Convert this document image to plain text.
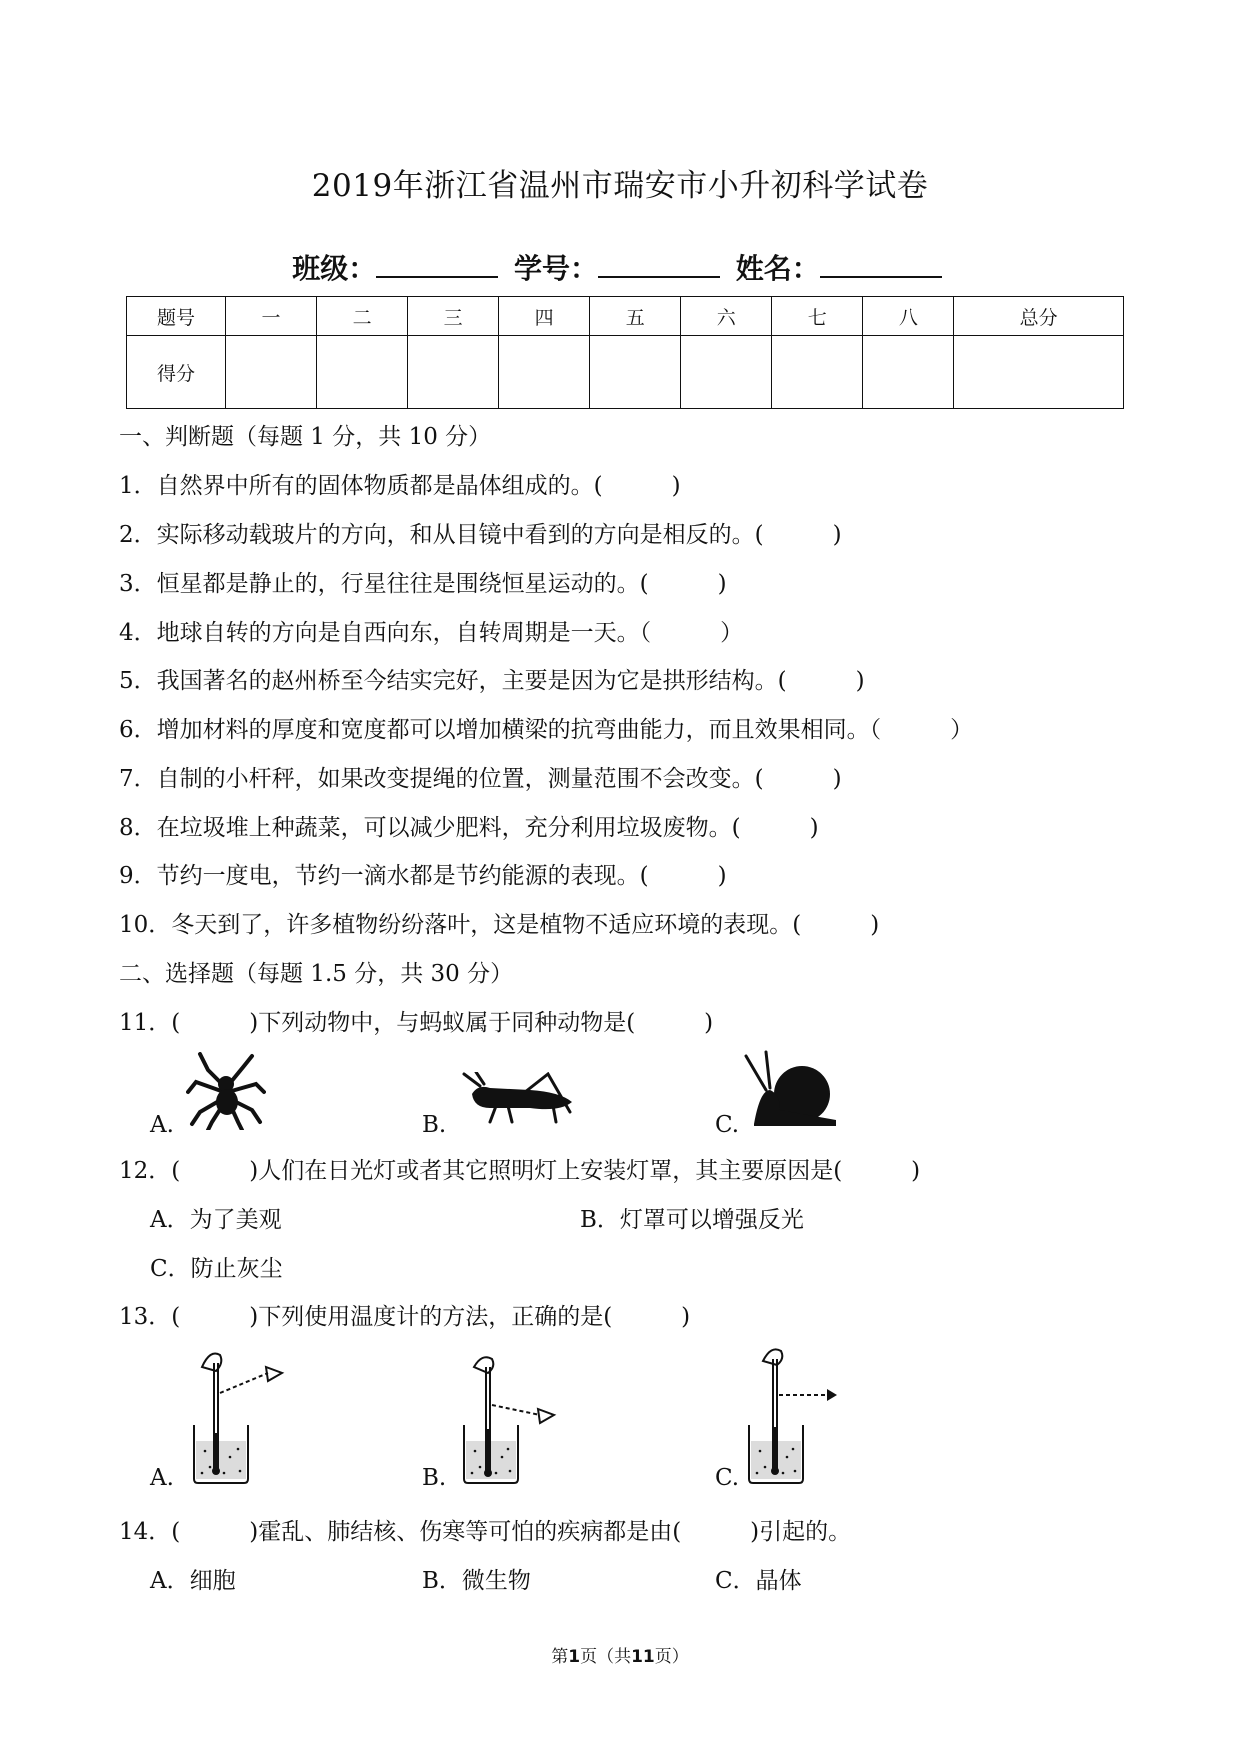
2019年浙江省温州市瑞安市小升初科学试卷
班级：	学号：	姓名：
题号	一	二	三	四	五	六	七	八	总分
得分									
一、判断题（每题 1 分，共 10 分）
1．自然界中所有的固体物质都是晶体组成的。(　　　)
2．实际移动载玻片的方向，和从目镜中看到的方向是相反的。(　　　)
3．恒星都是静止的，行星往往是围绕恒星运动的。(　　　)
4．地球自转的方向是自西向东，自转周期是一天。（　　　）
5．我国著名的赵州桥至今结实完好，主要是因为它是拱形结构。(　　　)
6．增加材料的厚度和宽度都可以增加横梁的抗弯曲能力，而且效果相同。（　　　）
7．自制的小杆秤，如果改变提绳的位置，测量范围不会改变。(　　　)
8．在垃圾堆上种蔬菜，可以减少肥料，充分利用垃圾废物。(　　　)
9．节约一度电，节约一滴水都是节约能源的表现。(　　　)
10．冬天到了，许多植物纷纷落叶，这是植物不适应环境的表现。(　　　)
二、选择题（每题 1.5 分，共 30 分）
11．(　　　)下列动物中，与蚂蚁属于同种动物是(　　　)
A.	B.	C.
12．(　　　)人们在日光灯或者其它照明灯上安装灯罩，其主要原因是(　　　)
A．为了美观	B．灯罩可以增强反光
C．防止灰尘
13．(　　　)下列使用温度计的方法，正确的是(　　　)
A.	B.	C.
14．(　　　)霍乱、肺结核、伤寒等可怕的疾病都是由(　　　)引起的。
A．细胞	B．微生物	C．晶体
第1页（共11页）
